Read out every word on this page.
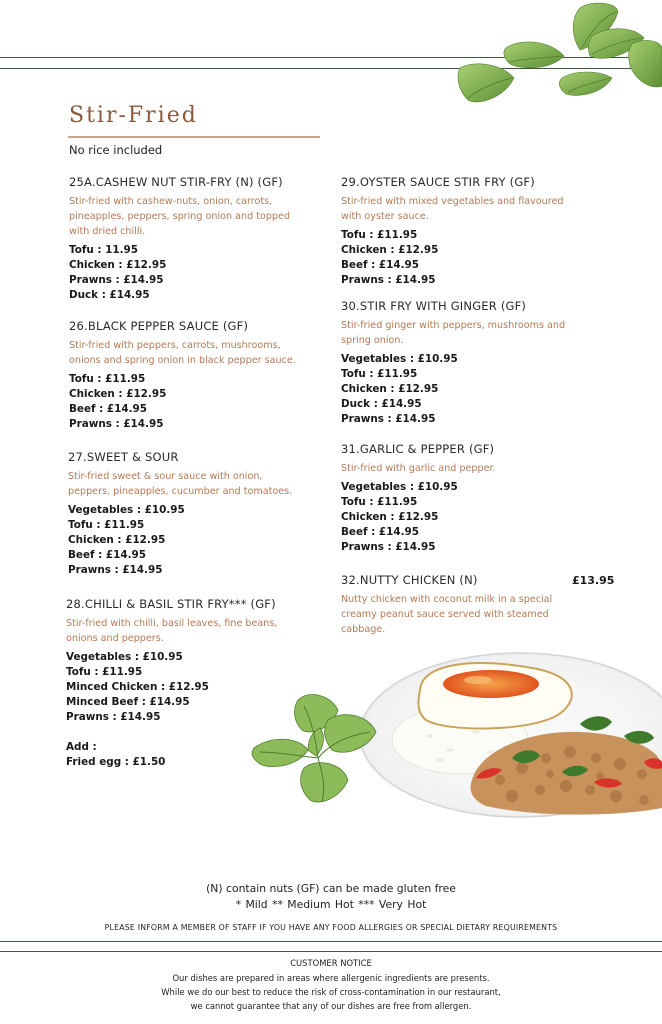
Stir-Fried
No rice included
25A.CASHEW NUT STIR-FRY (N) (GF)

Stir-fried with cashew-nuts, onion, carrots, pineapples, peppers, spring onion and topped with dried chilli.

Tofu : 11.95
Chicken : £12.95
Prawns : £14.95
Duck : £14.95
26.BLACK PEPPER SAUCE (GF)

Stir-fried with peppers, carrots, mushrooms, onions and spring onion in black pepper sauce.

Tofu : £11.95
Chicken : £12.95
Beef : £14.95
Prawns : £14.95
27.SWEET & SOUR

Stir-fried sweet & sour sauce with onion, peppers, pineapples, cucumber and tomatoes.

Vegetables : £10.95
Tofu : £11.95
Chicken : £12.95
Beef : £14.95
Prawns : £14.95
28.CHILLI & BASIL STIR FRY*** (GF)

Stir-fried with chilli, basil leaves, fine beans, onions and peppers.

Vegetables : £10.95
Tofu : £11.95
Minced Chicken : £12.95
Minced Beef : £14.95
Prawns : £14.95
Add :
Fried egg : £1.50
29.OYSTER SAUCE STIR FRY (GF)

Stir-fried with mixed vegetables and flavoured with oyster sauce.

Tofu : £11.95
Chicken : £12.95
Beef : £14.95
Prawns : £14.95
30.STIR FRY WITH GINGER (GF)

Stir-fried ginger with peppers, mushrooms and spring onion.

Vegetables : £10.95
Tofu : £11.95
Chicken : £12.95
Duck : £14.95
Prawns : £14.95
31.GARLIC & PEPPER (GF)

Stir-fried with garlic and pepper.

Vegetables : £10.95
Tofu : £11.95
Chicken : £12.95
Beef : £14.95
Prawns : £14.95
32.NUTTY CHICKEN (N)

Nutty chicken with coconut milk in a special creamy peanut sauce served with steamed cabbage.

£13.95
(N) contain nuts (GF) can be made gluten free
* Mild ** Medium Hot *** Very Hot
PLEASE INFORM A MEMBER OF STAFF IF YOU HAVE ANY FOOD ALLERGIES OR SPECIAL DIETARY REQUIREMENTS
CUSTOMER NOTICE
Our dishes are prepared in areas where allergenic ingredients are presents.
While we do our best to reduce the risk of cross-contamination in our restaurant,
we cannot guarantee that any of our dishes are free from allergen.
